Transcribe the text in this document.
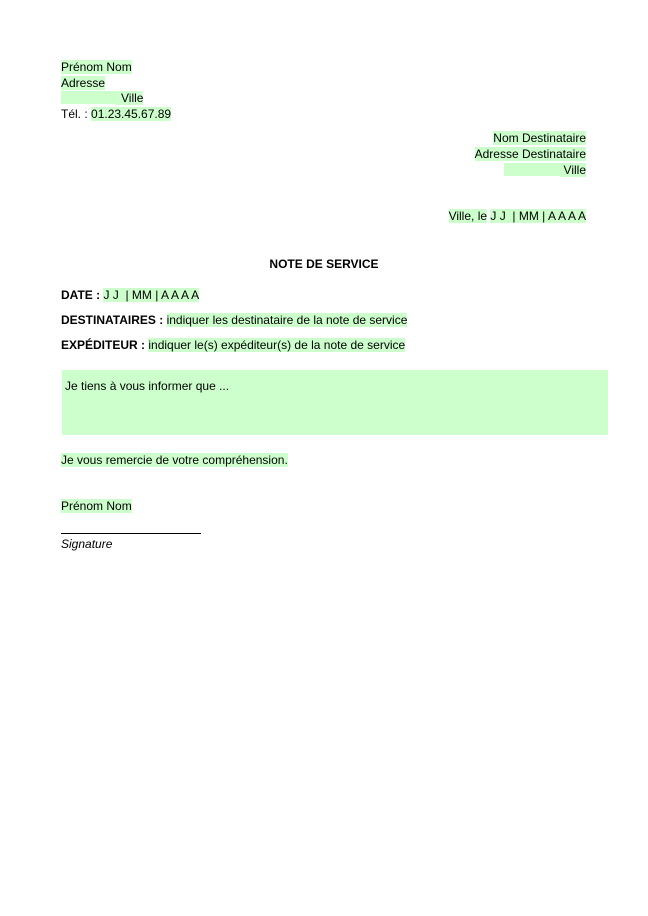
Prénom Nom
Adresse
Ville
Tél. : 01.23.45.67.89
Nom Destinataire
Adresse Destinataire
Ville
Ville, le J J  | MM | A A A A
NOTE DE SERVICE
DATE : J J  | MM | A A A A
DESTINATAIRES : indiquer les destinataire de la note de service
EXPÉDITEUR : indiquer le(s) expéditeur(s) de la note de service
Je tiens à vous informer que ...
Je vous remercie de votre compréhension.
Prénom Nom
Signature
